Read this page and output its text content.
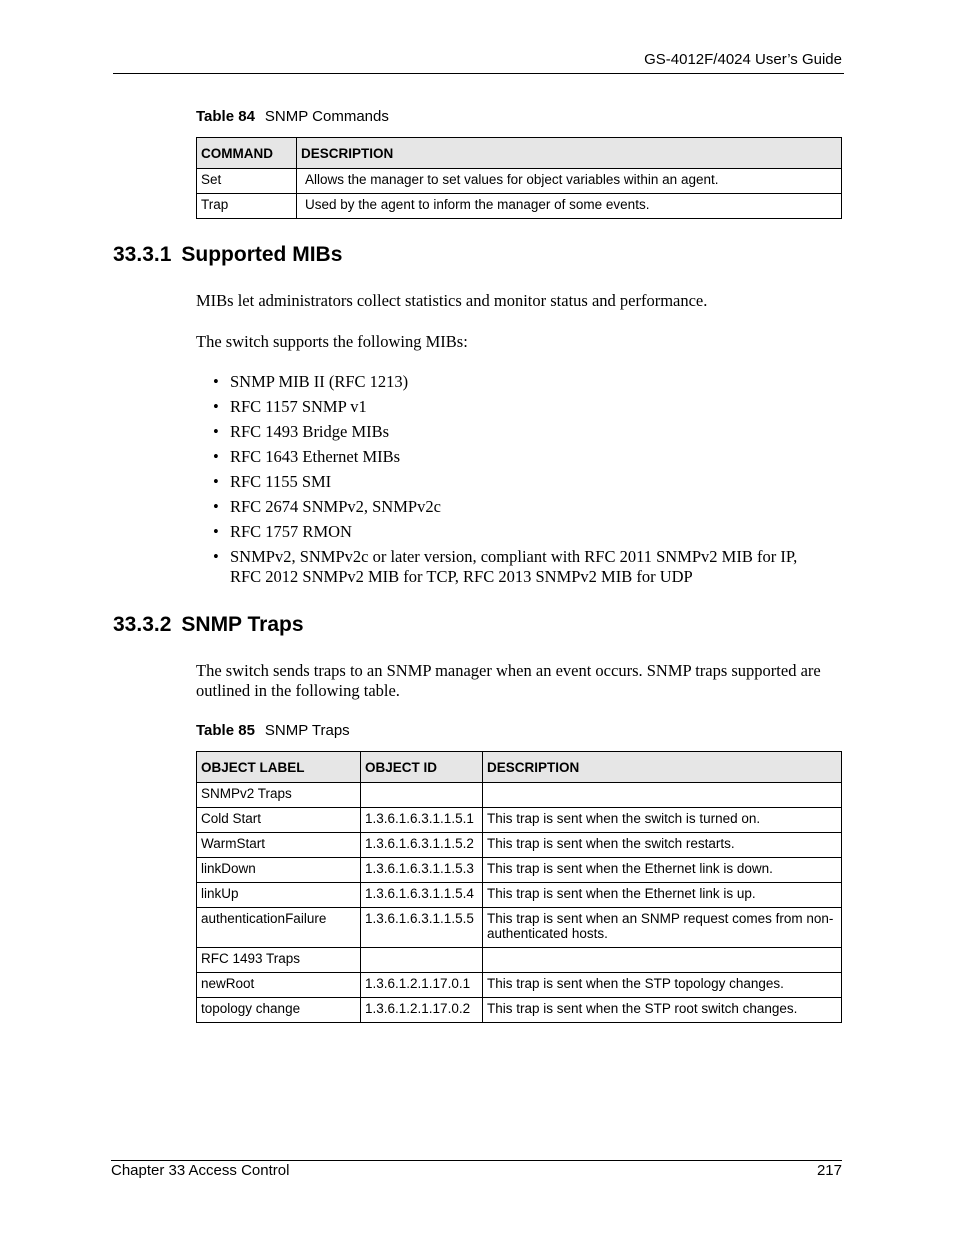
GS-4012F/4024 User’s Guide
Table 84 SNMP Commands
COMMAND	DESCRIPTION
Set	Allows the manager to set values for object variables within an agent.
Trap	Used by the agent to inform the manager of some events.
33.3.1 Supported MIBs
MIBs let administrators collect statistics and monitor status and performance.
The switch supports the following MIBs:
• SNMP MIB II (RFC 1213)
• RFC 1157 SNMP v1
• RFC 1493 Bridge MIBs
• RFC 1643 Ethernet MIBs
• RFC 1155 SMI
• RFC 2674 SNMPv2, SNMPv2c
• RFC 1757 RMON
• SNMPv2, SNMPv2c or later version, compliant with RFC 2011 SNMPv2 MIB for IP, RFC 2012 SNMPv2 MIB for TCP, RFC 2013 SNMPv2 MIB for UDP
33.3.2 SNMP Traps
The switch sends traps to an SNMP manager when an event occurs. SNMP traps supported are outlined in the following table.
Table 85 SNMP Traps
OBJECT LABEL	OBJECT ID	DESCRIPTION
SNMPv2 Traps		
Cold Start	1.3.6.1.6.3.1.1.5.1	This trap is sent when the switch is turned on.
WarmStart	1.3.6.1.6.3.1.1.5.2	This trap is sent when the switch restarts.
linkDown	1.3.6.1.6.3.1.1.5.3	This trap is sent when the Ethernet link is down.
linkUp	1.3.6.1.6.3.1.1.5.4	This trap is sent when the Ethernet link is up.
authenticationFailure	1.3.6.1.6.3.1.1.5.5	This trap is sent when an SNMP request comes from non-authenticated hosts.
RFC 1493 Traps		
newRoot	1.3.6.1.2.1.17.0.1	This trap is sent when the STP topology changes.
topology change	1.3.6.1.2.1.17.0.2	This trap is sent when the STP root switch changes.
Chapter 33 Access Control	217
